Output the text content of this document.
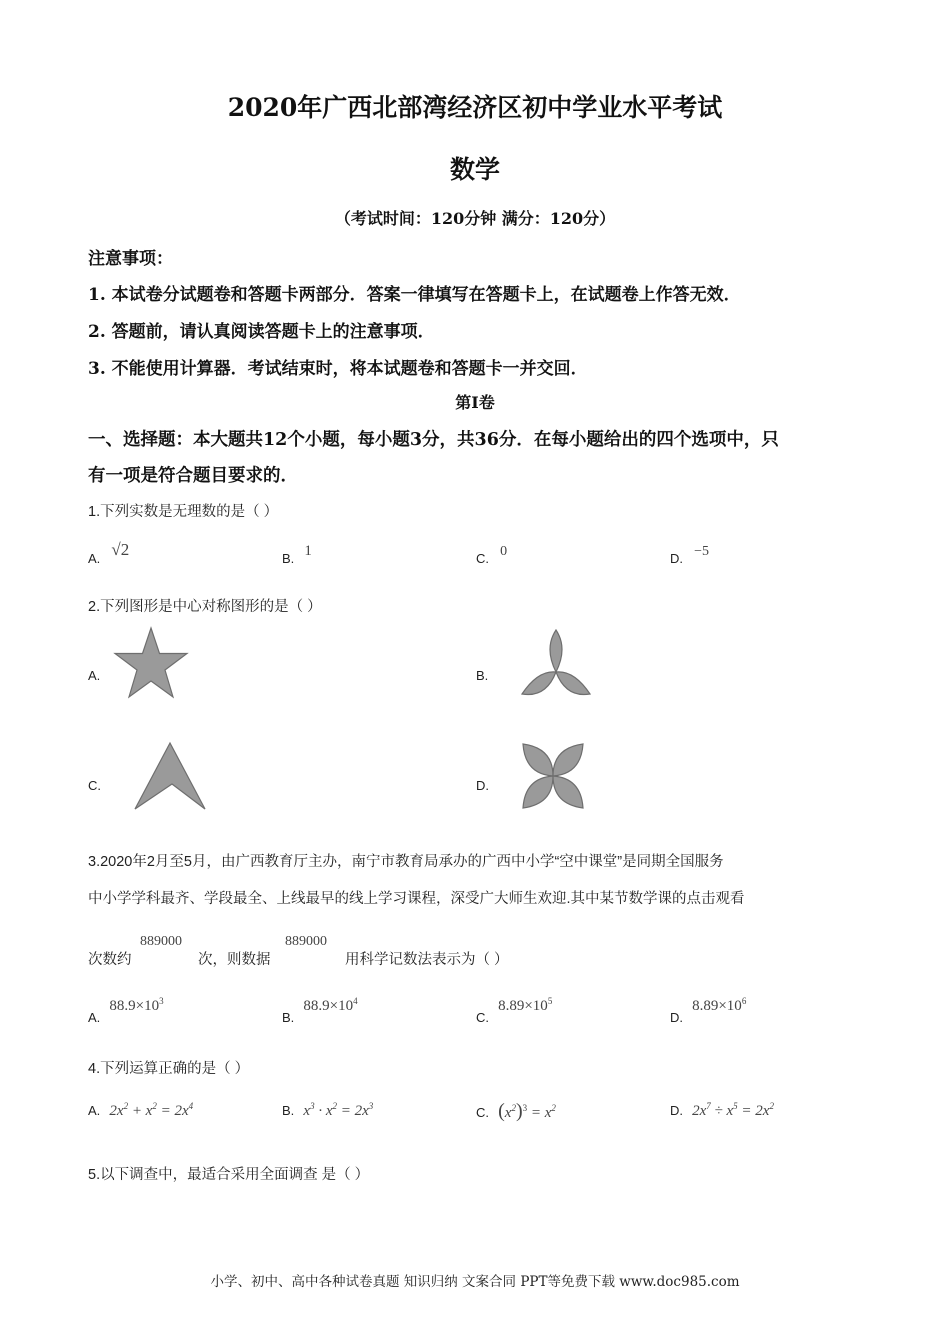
2020年广西北部湾经济区初中学业水平考试
数学
（考试时间：120分钟 满分：120分）
注意事项：
1. 本试卷分试题卷和答题卡两部分．答案一律填写在答题卡上，在试题卷上作答无效．
2. 答题前，请认真阅读答题卡上的注意事项．
3. 不能使用计算器．考试结束时，将本试题卷和答题卡一并交回．
第Ⅰ卷
一、选择题：本大题共12个小题，每小题3分，共36分．在每小题给出的四个选项中，只
有一项是符合题目要求的．
1.下列实数是无理数的是（ ）
$_{A.}$ √2	$_{B.}$ 1	$_{C.}$ 0	$_{D.}$ −5
2.下列图形是中心对称图形的是（ ）
A.	B.
C.	D.
3.2020年2月至5月，由广西教育厅主办，南宁市教育局承办的广西中小学“空中课堂”是同期全国服务
中小学学科最齐、学段最全、上线最早的线上学习课程，深受广大师生欢迎.其中某节数学课的点击观看
次数约
889000
次，则数据
889000
用科学记数法表示为（ ）
$_{A.}$ $88.9\times 10^3$
$_{B.}$ $88.9\times 10^4$
$_{C.}$ $8.89\times 10^5$
$_{D.}$ $8.89\times 10^6$
4.下列运算正确的是（ ）
A. $2x^2 + x^2 = 2x^4$	B. $x^3 \cdot x^2 = 2x^3$	C. $(x^2)^3 = x^2$	D. $2x^7 \div x^5 = 2x^2$
5.以下调查中，最适合采用全面调查 是（ ）
小学、初中、高中各种试卷真题 知识归纳 文案合同 PPT等免费下载 www.doc985.com
